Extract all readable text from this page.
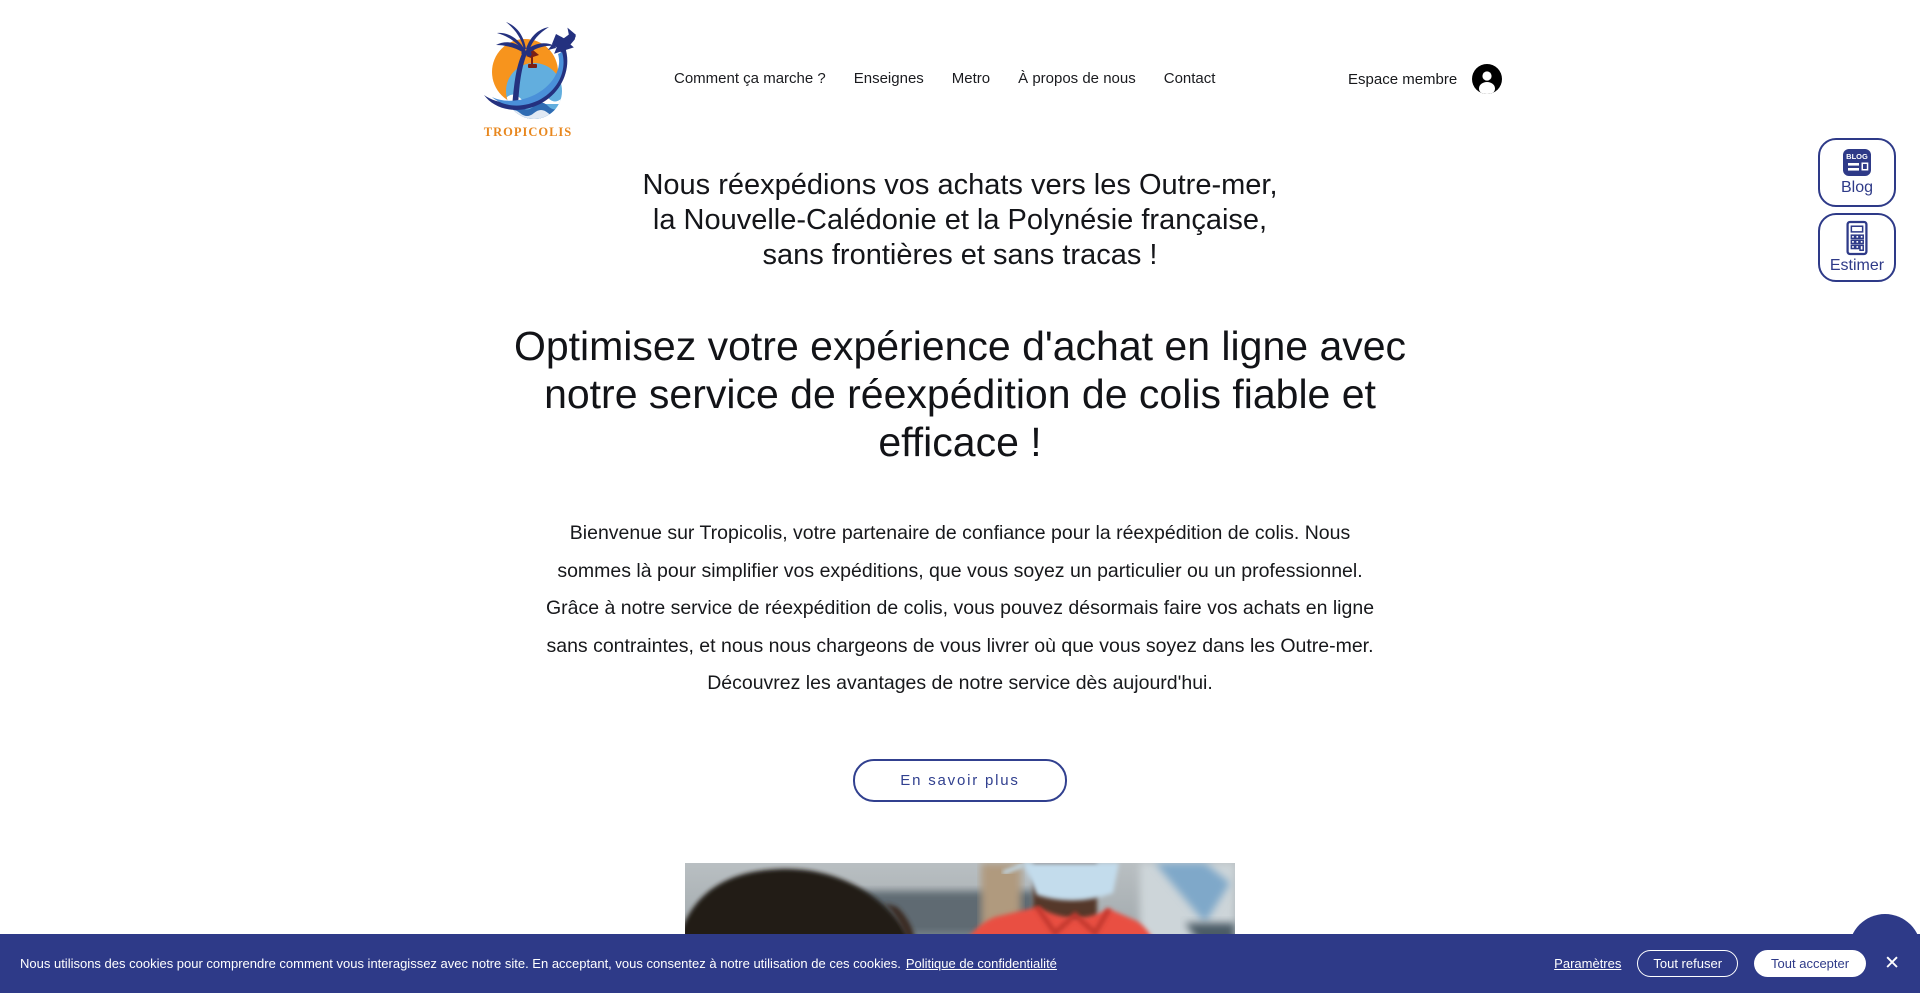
TROPICOLIS
Comment ça marche ? Enseignes Metro À propos de nous Contact	Espace membre
BLOG
Blog
Estimer
Nous réexpédions vos achats vers les Outre-mer,
la Nouvelle-Calédonie et la Polynésie française,
sans frontières et sans tracas !
Optimisez votre expérience d'achat en ligne avec
notre service de réexpédition de colis fiable et
efficace !
Bienvenue sur Tropicolis, votre partenaire de confiance pour la réexpédition de colis. Nous
sommes là pour simplifier vos expéditions, que vous soyez un particulier ou un professionnel.
Grâce à notre service de réexpédition de colis, vous pouvez désormais faire vos achats en ligne
sans contraintes, et nous nous chargeons de vous livrer où que vous soyez dans les Outre-mer.
Découvrez les avantages de notre service dès aujourd'hui.
En savoir plus
Nous utilisons des cookies pour comprendre comment vous interagissez avec notre site. En acceptant, vous consentez à notre utilisation de ces cookies. Politique de confidentialité	Paramètres	Tout refuser	Tout accepter	✕
